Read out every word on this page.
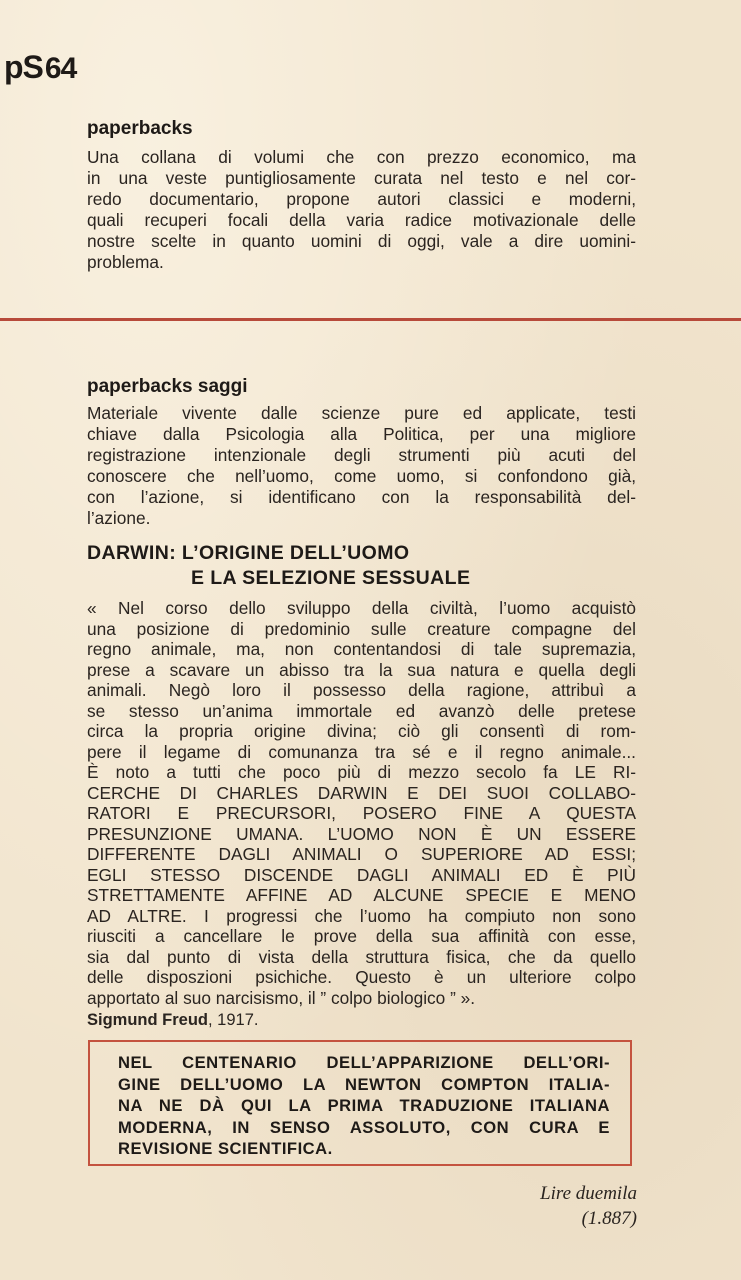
pS64
paperbacks
Una collana di volumi che con prezzo economico, ma
in una veste puntigliosamente curata nel testo e nel cor-
redo documentario, propone autori classici e moderni,
quali recuperi focali della varia radice motivazionale delle
nostre scelte in quanto uomini di oggi, vale a dire uomini-
problema.
paperbacks saggi
Materiale vivente dalle scienze pure ed applicate, testi
chiave dalla Psicologia alla Politica, per una migliore
registrazione intenzionale degli strumenti più acuti del
conoscere che nell’uomo, come uomo, si confondono già,
con l’azione, si identificano con la responsabilità del-
l’azione.
DARWIN: L’ORIGINE DELL’UOMO
E LA SELEZIONE SESSUALE
« Nel corso dello sviluppo della civiltà, l’uomo acquistò
una posizione di predominio sulle creature compagne del
regno animale, ma, non contentandosi di tale supremazia,
prese a scavare un abisso tra la sua natura e quella degli
animali. Negò loro il possesso della ragione, attribuì a
se stesso un’anima immortale ed avanzò delle pretese
circa la propria origine divina; ciò gli consentì di rom-
pere il legame di comunanza tra sé e il regno animale...
È noto a tutti che poco più di mezzo secolo fa LE RI-
CERCHE DI CHARLES DARWIN E DEI SUOI COLLABO-
RATORI E PRECURSORI, POSERO FINE A QUESTA
PRESUNZIONE UMANA. L’UOMO NON È UN ESSERE
DIFFERENTE DAGLI ANIMALI O SUPERIORE AD ESSI;
EGLI STESSO DISCENDE DAGLI ANIMALI ED È PIÙ
STRETTAMENTE AFFINE AD ALCUNE SPECIE E MENO
AD ALTRE. I progressi che l’uomo ha compiuto non sono
riusciti a cancellare le prove della sua affinità con esse,
sia dal punto di vista della struttura fisica, che da quello
delle disposzioni psichiche. Questo è un ulteriore colpo
apportato al suo narcisismo, il ” colpo biologico ” ».
Sigmund Freud, 1917.
NEL CENTENARIO DELL’APPARIZIONE DELL’ORI-
GINE DELL’UOMO LA NEWTON COMPTON ITALIA-
NA NE DÀ QUI LA PRIMA TRADUZIONE ITALIANA
MODERNA, IN SENSO ASSOLUTO, CON CURA E
REVISIONE SCIENTIFICA.
Lire duemila
(1.887)
